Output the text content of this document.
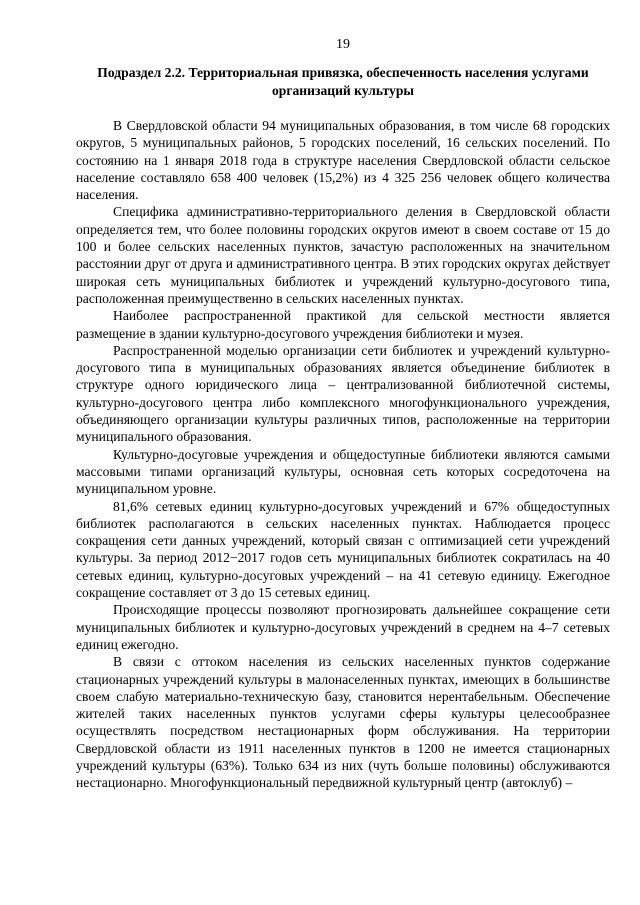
19
Подраздел 2.2. Территориальная привязка, обеспеченность населения услугами организаций культуры

В Свердловской области 94 муниципальных образования, в том числе 68 городских округов, 5 муниципальных районов, 5 городских поселений, 16 сельских поселений. По состоянию на 1 января 2018 года в структуре населения Свердловской области сельское население составляло 658 400 человек (15,2%) из 4 325 256 человек общего количества населения.

Специфика административно-территориального деления в Свердловской области определяется тем, что более половины городских округов имеют в своем составе от 15 до 100 и более сельских населенных пунктов, зачастую расположенных на значительном расстоянии друг от друга и административного центра. В этих городских округах действует широкая сеть муниципальных библиотек и учреждений культурно-досугового типа, расположенная преимущественно в сельских населенных пунктах.

Наиболее распространенной практикой для сельской местности является размещение в здании культурно-досугового учреждения библиотеки и музея.

Распространенной моделью организации сети библиотек и учреждений культурно-досугового типа в муниципальных образованиях является объединение библиотек в структуре одного юридического лица – централизованной библиотечной системы, культурно-досугового центра либо комплексного многофункционального учреждения, объединяющего организации культуры различных типов, расположенные на территории муниципального образования.

Культурно-досуговые учреждения и общедоступные библиотеки являются самыми массовыми типами организаций культуры, основная сеть которых сосредоточена на муниципальном уровне.

81,6% сетевых единиц культурно-досуговых учреждений и 67% общедоступных библиотек располагаются в сельских населенных пунктах. Наблюдается процесс сокращения сети данных учреждений, который связан с оптимизацией сети учреждений культуры. За период 2012−2017 годов сеть муниципальных библиотек сократилась на 40 сетевых единиц, культурно-досуговых учреждений – на 41 сетевую единицу. Ежегодное сокращение составляет от 3 до 15 сетевых единиц.

Происходящие процессы позволяют прогнозировать дальнейшее сокращение сети муниципальных библиотек и культурно-досуговых учреждений в среднем на 4–7 сетевых единиц ежегодно.

В связи с оттоком населения из сельских населенных пунктов содержание стационарных учреждений культуры в малонаселенных пунктах, имеющих в большинстве своем слабую материально-техническую базу, становится нерентабельным. Обеспечение жителей таких населенных пунктов услугами сферы культуры целесообразнее осуществлять посредством нестационарных форм обслуживания. На территории Свердловской области из 1911 населенных пунктов в 1200 не имеется стационарных учреждений культуры (63%). Только 634 из них (чуть больше половины) обслуживаются нестационарно. Многофункциональный передвижной культурный центр (автоклуб) –
